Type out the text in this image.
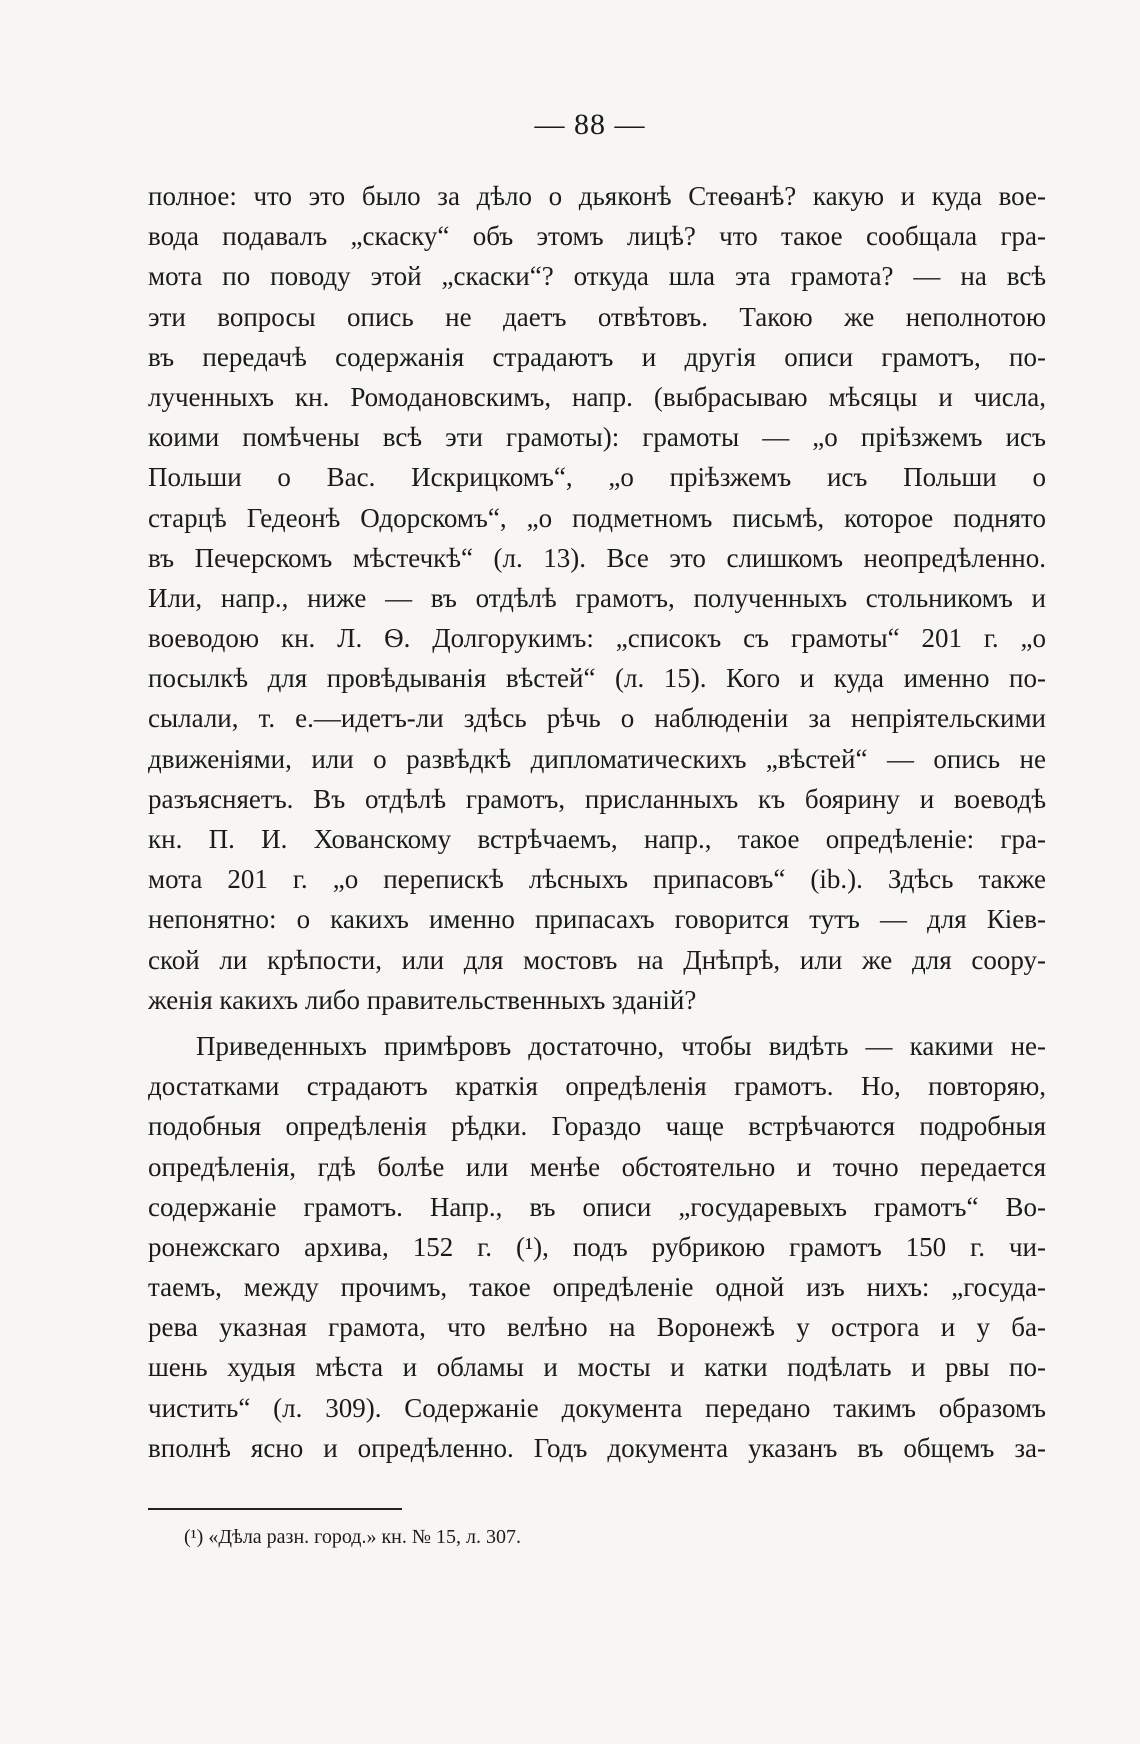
— 88 —
полное: что это было за дѣло о дьяконѣ Стеѳанѣ? какую и куда вое-
вода подавалъ „скаску“ объ этомъ лицѣ? что такое сообщала гра-
мота по поводу этой „скаски“? откуда шла эта грамота? — на всѣ
эти вопросы опись не даетъ отвѣтовъ. Такою же неполнотою
въ передачѣ содержанія страдаютъ и другія описи грамотъ, по-
лученныхъ кн. Ромодановскимъ, напр. (выбрасываю мѣсяцы и числа,
коими помѣчены всѣ эти грамоты): грамоты — „о пріѣзжемъ исъ
Польши о Вас. Искрицкомъ“, „о пріѣзжемъ исъ Польши о
старцѣ Гедеонѣ Одорскомъ“, „о подметномъ письмѣ, которое поднято
въ Печерскомъ мѣстечкѣ“ (л. 13). Все это слишкомъ неопредѣленно.
Или, напр., ниже — въ отдѣлѣ грамотъ, полученныхъ стольникомъ и
воеводою кн. Л. Ѳ. Долгорукимъ: „списокъ съ грамоты“ 201 г. „о
посылкѣ для провѣдыванія вѣстей“ (л. 15). Кого и куда именно по-
сылали, т. е.—идетъ-ли здѣсь рѣчь о наблюденіи за непріятельскими
движеніями, или о развѣдкѣ дипломатическихъ „вѣстей“ — опись не
разъясняетъ. Въ отдѣлѣ грамотъ, присланныхъ къ боярину и воеводѣ
кн. П. И. Хованскому встрѣчаемъ, напр., такое опредѣленіе: гра-
мота 201 г. „о перепискѣ лѣсныхъ припасовъ“ (ib.). Здѣсь также
непонятно: о какихъ именно припасахъ говорится тутъ — для Кіев-
ской ли крѣпости, или для мостовъ на Днѣпрѣ, или же для соору-
женія какихъ либо правительственныхъ зданій?
Приведенныхъ примѣровъ достаточно, чтобы видѣть — какими не-
достатками страдаютъ краткія опредѣленія грамотъ. Но, повторяю,
подобныя опредѣленія рѣдки. Гораздо чаще встрѣчаются подробныя
опредѣленія, гдѣ болѣе или менѣе обстоятельно и точно передается
содержаніе грамотъ. Напр., въ описи „государевыхъ грамотъ“ Во-
ронежскаго архива, 152 г. (¹), подъ рубрикою грамотъ 150 г. чи-
таемъ, между прочимъ, такое опредѣленіе одной изъ нихъ: „госуда-
рева указная грамота, что велѣно на Воронежѣ у острога и у ба-
шень худыя мѣста и обламы и мосты и катки подѣлать и рвы по-
чистить“ (л. 309). Содержаніе документа передано такимъ образомъ
вполнѣ ясно и опредѣленно. Годъ документа указанъ въ общемъ за-
(¹) «Дѣла разн. город.» кн. № 15, л. 307.
